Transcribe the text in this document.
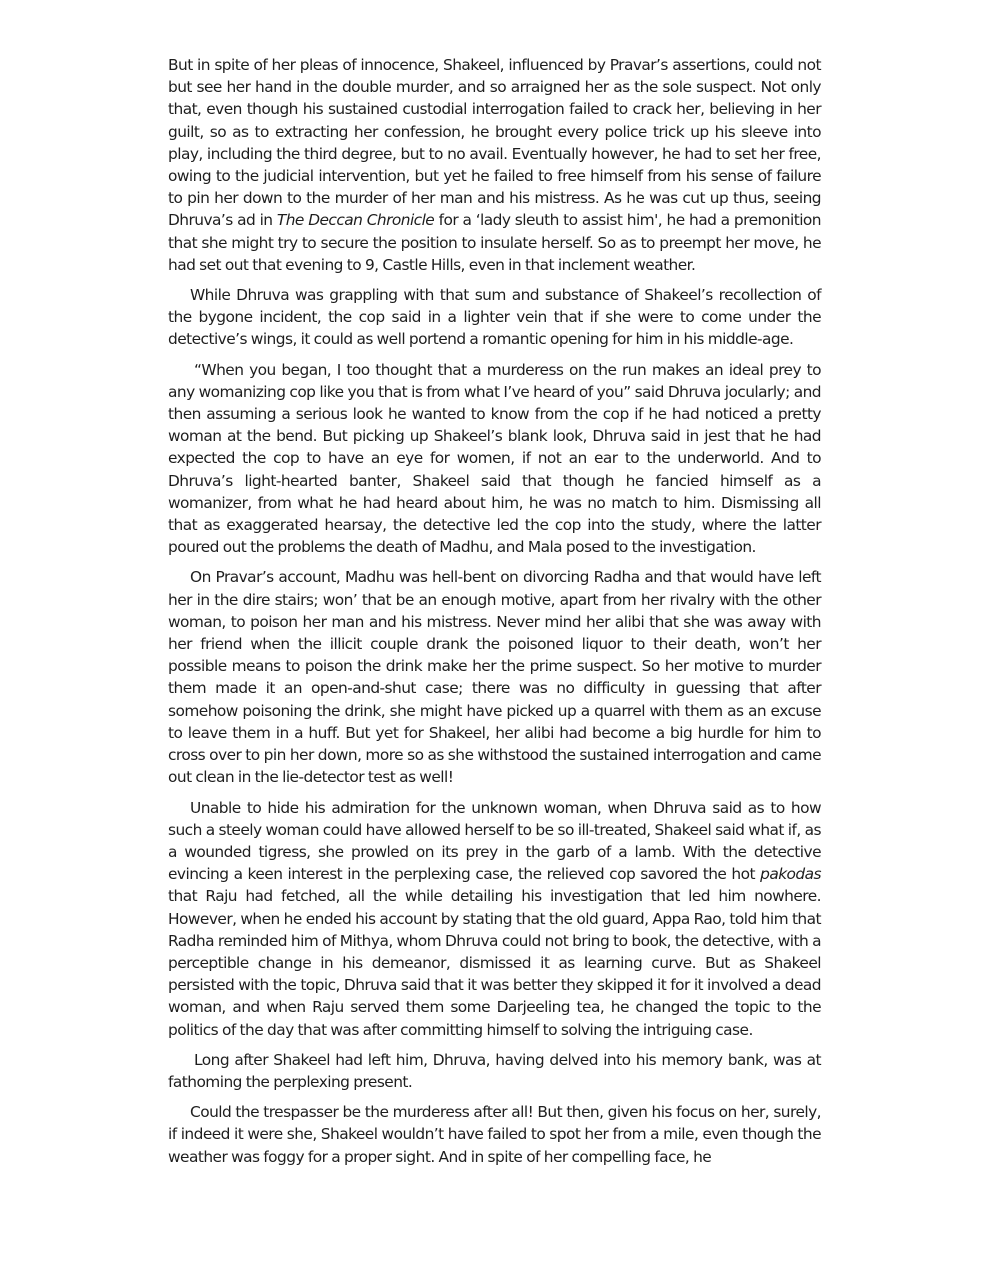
But in spite of her pleas of innocence, Shakeel, influenced by Pravar’s assertions, could not but see her hand in the double murder, and so arraigned her as the sole suspect. Not only that, even though his sustained custodial interrogation failed to crack her, believing in her guilt, so as to extracting her confession, he brought every police trick up his sleeve into play, including the third degree, but to no avail. Eventually however, he had to set her free, owing to the judicial intervention, but yet he failed to free himself from his sense of failure to pin her down to the murder of her man and his mistress. As he was cut up thus, seeing Dhruva’s ad in The Deccan Chronicle for a ‘lady sleuth to assist him', he had a premonition that she might try to secure the position to insulate herself. So as to preempt her move, he had set out that evening to 9, Castle Hills, even in that inclement weather.

While Dhruva was grappling with that sum and substance of Shakeel’s recollection of the bygone incident, the cop said in a lighter vein that if she were to come under the detective’s wings, it could as well portend a romantic opening for him in his middle-age.

“When you began, I too thought that a murderess on the run makes an ideal prey to any womanizing cop like you that is from what I’ve heard of you” said Dhruva jocularly; and then assuming a serious look he wanted to know from the cop if he had noticed a pretty woman at the bend. But picking up Shakeel’s blank look, Dhruva said in jest that he had expected the cop to have an eye for women, if not an ear to the underworld. And to Dhruva’s light-hearted banter, Shakeel said that though he fancied himself as a womanizer, from what he had heard about him, he was no match to him. Dismissing all that as exaggerated hearsay, the detective led the cop into the study, where the latter poured out the problems the death of Madhu, and Mala posed to the investigation.

On Pravar’s account, Madhu was hell-bent on divorcing Radha and that would have left her in the dire stairs; won’ that be an enough motive, apart from her rivalry with the other woman, to poison her man and his mistress. Never mind her alibi that she was away with her friend when the illicit couple drank the poisoned liquor to their death, won’t her possible means to poison the drink make her the prime suspect. So her motive to murder them made it an open-and-shut case; there was no difficulty in guessing that after somehow poisoning the drink, she might have picked up a quarrel with them as an excuse to leave them in a huff. But yet for Shakeel, her alibi had become a big hurdle for him to cross over to pin her down, more so as she withstood the sustained interrogation and came out clean in the lie-detector test as well!

Unable to hide his admiration for the unknown woman, when Dhruva said as to how such a steely woman could have allowed herself to be so ill-treated, Shakeel said what if, as a wounded tigress, she prowled on its prey in the garb of a lamb. With the detective evincing a keen interest in the perplexing case, the relieved cop savored the hot pakodas that Raju had fetched, all the while detailing his investigation that led him nowhere. However, when he ended his account by stating that the old guard, Appa Rao, told him that Radha reminded him of Mithya, whom Dhruva could not bring to book, the detective, with a perceptible change in his demeanor, dismissed it as learning curve. But as Shakeel persisted with the topic, Dhruva said that it was better they skipped it for it involved a dead woman, and when Raju served them some Darjeeling tea, he changed the topic to the politics of the day that was after committing himself to solving the intriguing case.

Long after Shakeel had left him, Dhruva, having delved into his memory bank, was at fathoming the perplexing present.

Could the trespasser be the murderess after all! But then, given his focus on her, surely, if indeed it were she, Shakeel wouldn’t have failed to spot her from a mile, even though the weather was foggy for a proper sight. And in spite of her compelling face, he
